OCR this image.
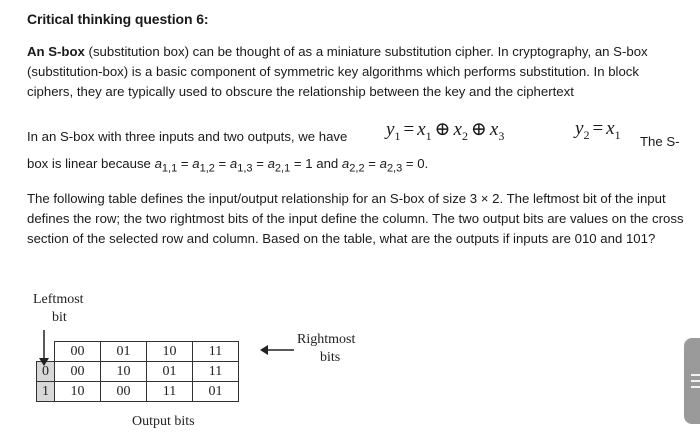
Critical thinking question 6:
An S-box (substitution box) can be thought of as a miniature substitution cipher. In cryptography, an S-box (substitution-box) is a basic component of symmetric key algorithms which performs substitution. In block ciphers, they are typically used to obscure the relationship between the key and the ciphertext
In an S-box with three inputs and two outputs, we have $y_1 = x_1$ ⊕ $x_2$ ⊕ $x_3$	$y_2 = x_1$ The S-
box is linear because $a_{1,1} = a_{1,2} = a_{1,3} = a_{2,1} = 1$ and $a_{2,2} = a_{2,3} = 0$.
The following table defines the input/output relationship for an S-box of size 3 × 2. The leftmost bit of the input defines the row; the two rightmost bits of the input define the column. The two output bits are values on the cross section of the selected row and column. Based on the table, what are the outputs if inputs are 010 and 101?
Leftmost
bit
Rightmost
bits
	00	01	10	11
0	00	10	01	11
1	10	00	11	01
Output bits
